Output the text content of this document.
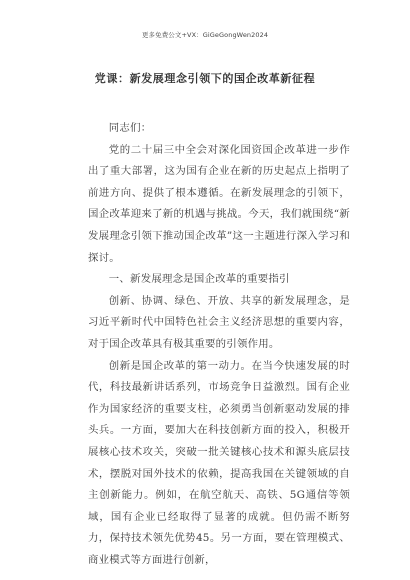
更多免费公文+VX：GiGeGongWen2024
党课：新发展理念引领下的国企改革新征程

同志们：

党的二十届三中全会对深化国资国企改革进一步作出了重大部署，这为国有企业在新的历史起点上指明了前进方向、提供了根本遵循。在新发展理念的引领下，国企改革迎来了新的机遇与挑战。今天，我们就围绕“新发展理念引领下推动国企改革”这一主题进行深入学习和探讨。

一、新发展理念是国企改革的重要指引

创新、协调、绿色、开放、共享的新发展理念，是习近平新时代中国特色社会主义经济思想的重要内容，对于国企改革具有极其重要的引领作用。

创新是国企改革的第一动力。在当今快速发展的时代，科技最新讲话系列，市场竞争日益激烈。国有企业作为国家经济的重要支柱，必须勇当创新驱动发展的排头兵。一方面，要加大在科技创新方面的投入，积极开展核心技术攻关，突破一批关键核心技术和源头底层技术，摆脱对国外技术的依赖，提高我国在关键领域的自主创新能力。例如，在航空航天、高铁、5G通信等领域，国有企业已经取得了显著的成就。但仍需不断努力，保持技术领先优势45。另一方面，要在管理模式、商业模式等方面进行创新，
